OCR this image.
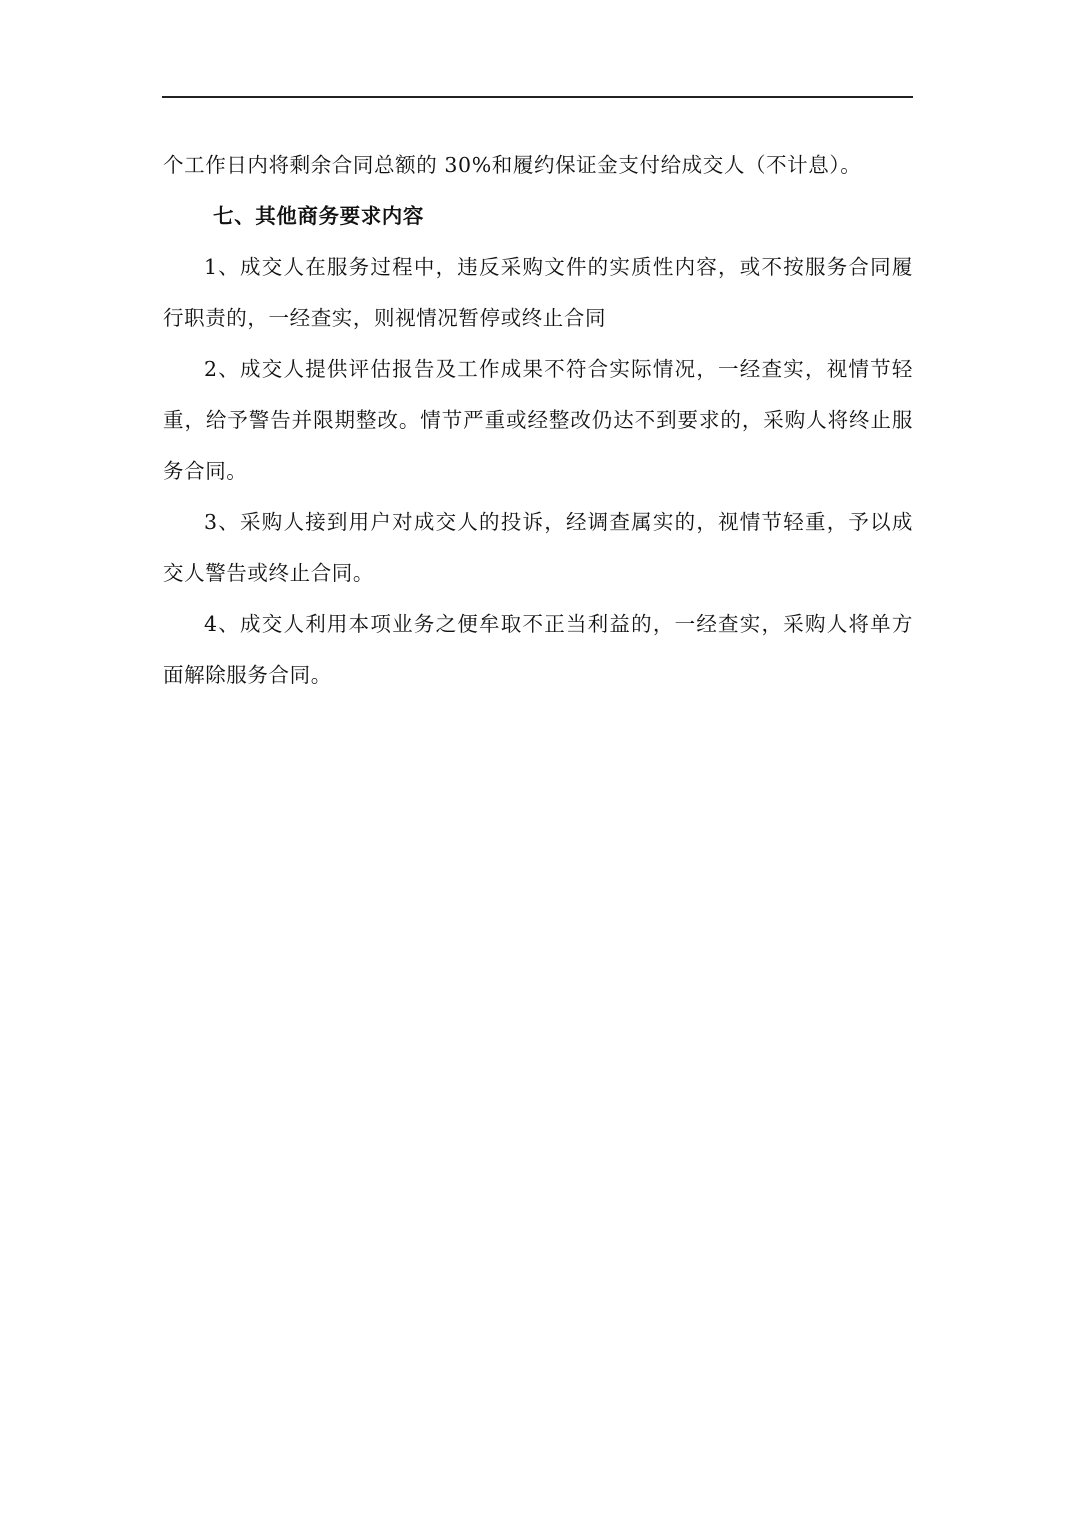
个工作日内将剩余合同总额的 30%和履约保证金支付给成交人（不计息）。

七、其他商务要求内容

1、成交人在服务过程中，违反采购文件的实质性内容，或不按服务合同履行职责的，一经查实，则视情况暂停或终止合同

2、成交人提供评估报告及工作成果不符合实际情况，一经查实，视情节轻重，给予警告并限期整改。情节严重或经整改仍达不到要求的，采购人将终止服务合同。

3、采购人接到用户对成交人的投诉，经调查属实的，视情节轻重，予以成交人警告或终止合同。

4、成交人利用本项业务之便牟取不正当利益的，一经查实，采购人将单方面解除服务合同。
